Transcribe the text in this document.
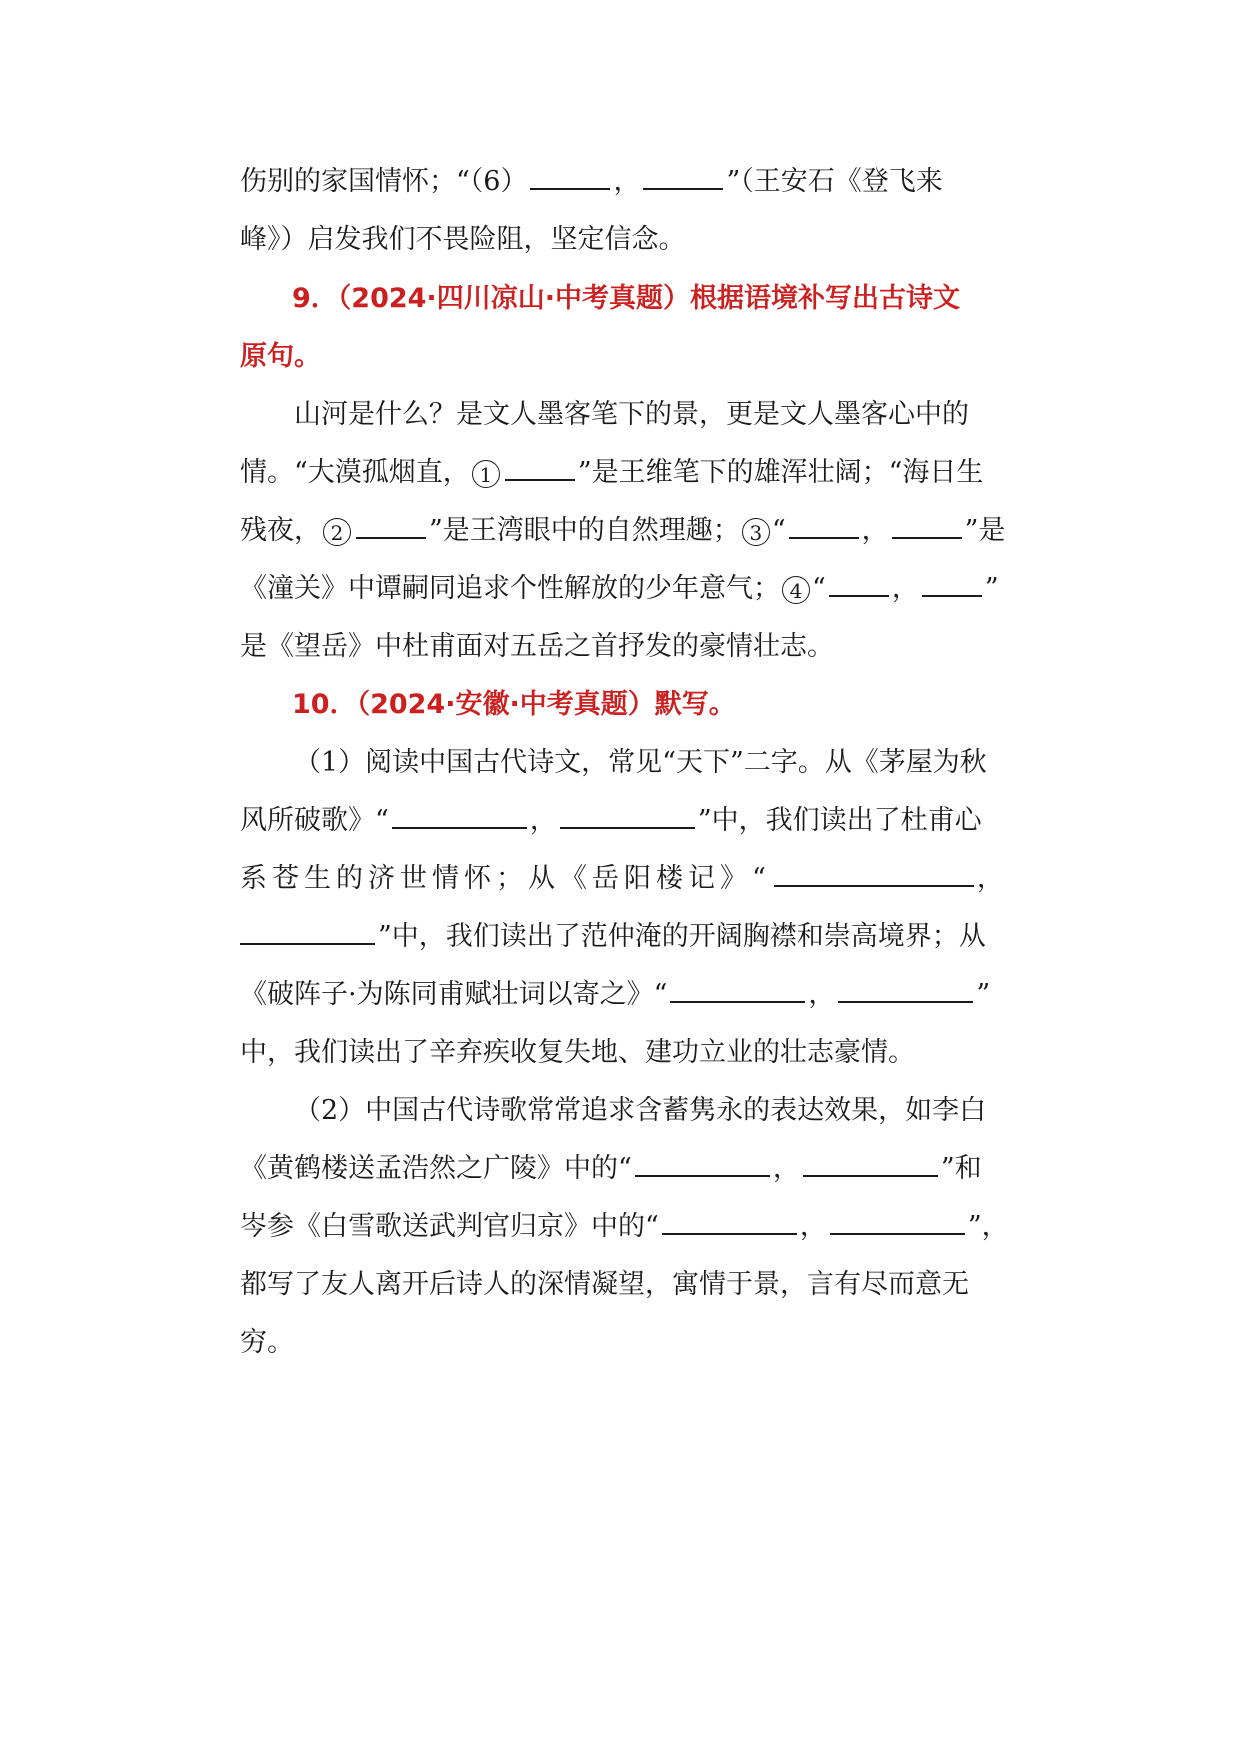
伤别的家国情怀；“（6）	，	”（王安石《登飞来
峰》）启发我们不畏险阻，坚定信念。
9．（2024·四川凉山·中考真题）根据语境补写出古诗文
原句。
山河是什么？是文人墨客笔下的景，更是文人墨客心中的
情。“大漠孤烟直， 1	”是王维笔下的雄浑壮阔；“海日生
残夜， 2	”是王湾眼中的自然理趣； 3 “	，	”是
《潼关》中谭嗣同追求个性解放的少年意气； 4 “ ， ”
是《望岳》中杜甫面对五岳之首抒发的豪情壮志。
10．（2024·安徽·中考真题）默写。
（1）阅读中国古代诗文，常见“天下”二字。从《茅屋为秋
风所破歌》“	，	”中，我们读出了杜甫心
系苍生的济世情怀；从《岳阳楼记》“	，
”中，我们读出了范仲淹的开阔胸襟和崇高境界；从
《破阵子·为陈同甫赋壮词以寄之》“	，	”
中，我们读出了辛弃疾收复失地、建功立业的壮志豪情。
（2）中国古代诗歌常常追求含蓄隽永的表达效果，如李白
《黄鹤楼送孟浩然之广陵》中的“	，	”和
岑参《白雪歌送武判官归京》中的“	，	”，
都写了友人离开后诗人的深情凝望，寓情于景，言有尽而意无
穷。
